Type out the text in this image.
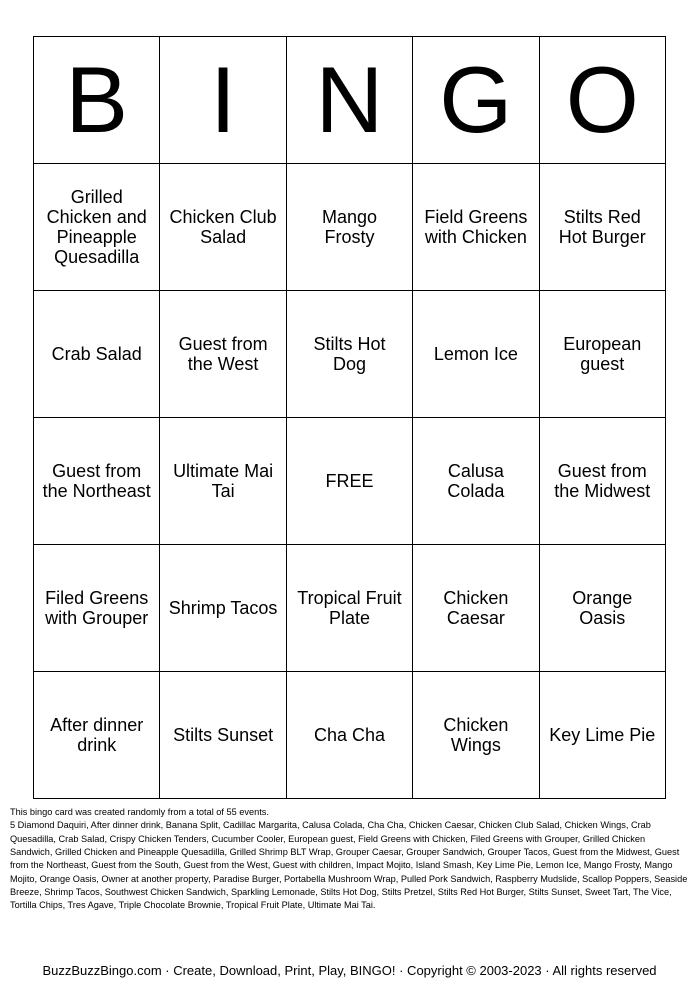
B	I	N	G	O
Grilled Chicken and Pineapple Quesadilla	Chicken Club Salad	Mango Frosty	Field Greens with Chicken	Stilts Red Hot Burger
Crab Salad	Guest from the West	Stilts Hot Dog	Lemon Ice	European guest
Guest from the Northeast	Ultimate Mai Tai	FREE	Calusa Colada	Guest from the Midwest
Filed Greens with Grouper	Shrimp Tacos	Tropical Fruit Plate	Chicken Caesar	Orange Oasis
After dinner drink	Stilts Sunset	Cha Cha	Chicken Wings	Key Lime Pie

This bingo card was created randomly from a total of 55 events.

5 Diamond Daquiri, After dinner drink, Banana Split, Cadillac Margarita, Calusa Colada, Cha Cha, Chicken Caesar, Chicken Club Salad, Chicken Wings, Crab Quesadilla, Crab Salad, Crispy Chicken Tenders, Cucumber Cooler, European guest, Field Greens with Chicken, Filed Greens with Grouper, Grilled Chicken Sandwich, Grilled Chicken and Pineapple Quesadilla, Grilled Shrimp BLT Wrap, Grouper Caesar, Grouper Sandwich, Grouper Tacos, Guest from the Midwest, Guest from the Northeast, Guest from the South, Guest from the West, Guest with children, Impact Mojito, Island Smash, Key Lime Pie, Lemon Ice, Mango Frosty, Mango Mojito, Orange Oasis, Owner at another property, Paradise Burger, Portabella Mushroom Wrap, Pulled Pork Sandwich, Raspberry Mudslide, Scallop Poppers, Seaside Breeze, Shrimp Tacos, Southwest Chicken Sandwich, Sparkling Lemonade, Stilts Hot Dog, Stilts Pretzel, Stilts Red Hot Burger, Stilts Sunset, Sweet Tart, The Vice, Tortilla Chips, Tres Agave, Triple Chocolate Brownie, Tropical Fruit Plate, Ultimate Mai Tai.

BuzzBuzzBingo.com · Create, Download, Print, Play, BINGO! · Copyright © 2003-2023 · All rights reserved
